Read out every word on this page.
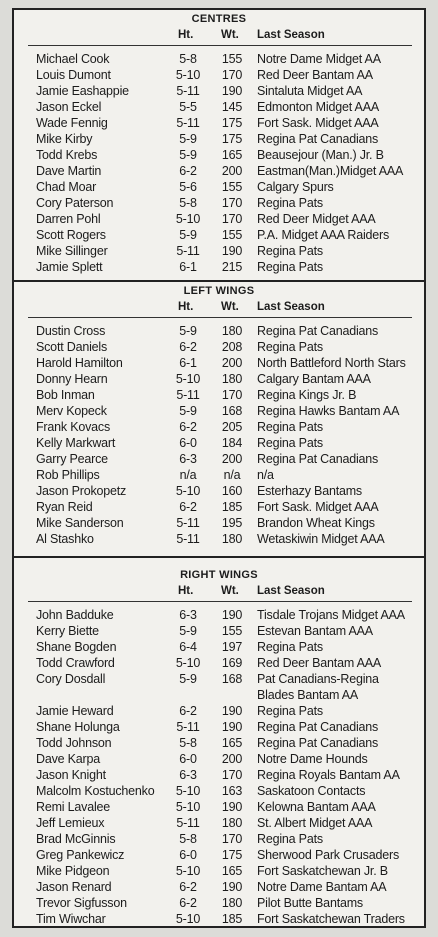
CENTRES
Ht. Wt. Last Season
Michael Cook	5-8	155	Notre Dame Midget AA
Louis Dumont	5-10	170	Red Deer Bantam AA
Jamie Eashappie	5-11	190	Sintaluta Midget AA
Jason Eckel	5-5	145	Edmonton Midget AAA
Wade Fennig	5-11	175	Fort Sask. Midget AAA
Mike Kirby	5-9	175	Regina Pat Canadians
Todd Krebs	5-9	165	Beausejour (Man.) Jr. B
Dave Martin	6-2	200	Eastman(Man.)Midget AAA
Chad Moar	5-6	155	Calgary Spurs
Cory Paterson	5-8	170	Regina Pats
Darren Pohl	5-10	170	Red Deer Midget AAA
Scott Rogers	5-9	155	P.A. Midget AAA Raiders
Mike Sillinger	5-11	190	Regina Pats
Jamie Splett	6-1	215	Regina Pats
LEFT WINGS
Ht. Wt. Last Season
Dustin Cross	5-9	180	Regina Pat Canadians
Scott Daniels	6-2	208	Regina Pats
Harold Hamilton	6-1	200	North Battleford North Stars
Donny Hearn	5-10	180	Calgary Bantam AAA
Bob Inman	5-11	170	Regina Kings Jr. B
Merv Kopeck	5-9	168	Regina Hawks Bantam AA
Frank Kovacs	6-2	205	Regina Pats
Kelly Markwart	6-0	184	Regina Pats
Garry Pearce	6-3	200	Regina Pat Canadians
Rob Phillips	n/a	n/a	n/a
Jason Prokopetz	5-10	160	Esterhazy Bantams
Ryan Reid	6-2	185	Fort Sask. Midget AAA
Mike Sanderson	5-11	195	Brandon Wheat Kings
Al Stashko	5-11	180	Wetaskiwin Midget AAA
RIGHT WINGS
Ht. Wt. Last Season
John Badduke	6-3	190	Tisdale Trojans Midget AAA
Kerry Biette	5-9	155	Estevan Bantam AAA
Shane Bogden	6-4	197	Regina Pats
Todd Crawford	5-10	169	Red Deer Bantam AAA
Cory Dosdall	5-9	168	Pat Canadians-Regina
Blades Bantam AA
Jamie Heward	6-2	190	Regina Pats
Shane Holunga	5-11	190	Regina Pat Canadians
Todd Johnson	5-8	165	Regina Pat Canadians
Dave Karpa	6-0	200	Notre Dame Hounds
Jason Knight	6-3	170	Regina Royals Bantam AA
Malcolm Kostuchenko	5-10	163	Saskatoon Contacts
Remi Lavalee	5-10	190	Kelowna Bantam AAA
Jeff Lemieux	5-11	180	St. Albert Midget AAA
Brad McGinnis	5-8	170	Regina Pats
Greg Pankewicz	6-0	175	Sherwood Park Crusaders
Mike Pidgeon	5-10	165	Fort Saskatchewan Jr. B
Jason Renard	6-2	190	Notre Dame Bantam AA
Trevor Sigfusson	6-2	180	Pilot Butte Bantams
Tim Wiwchar	5-10	185	Fort Saskatchewan Traders
